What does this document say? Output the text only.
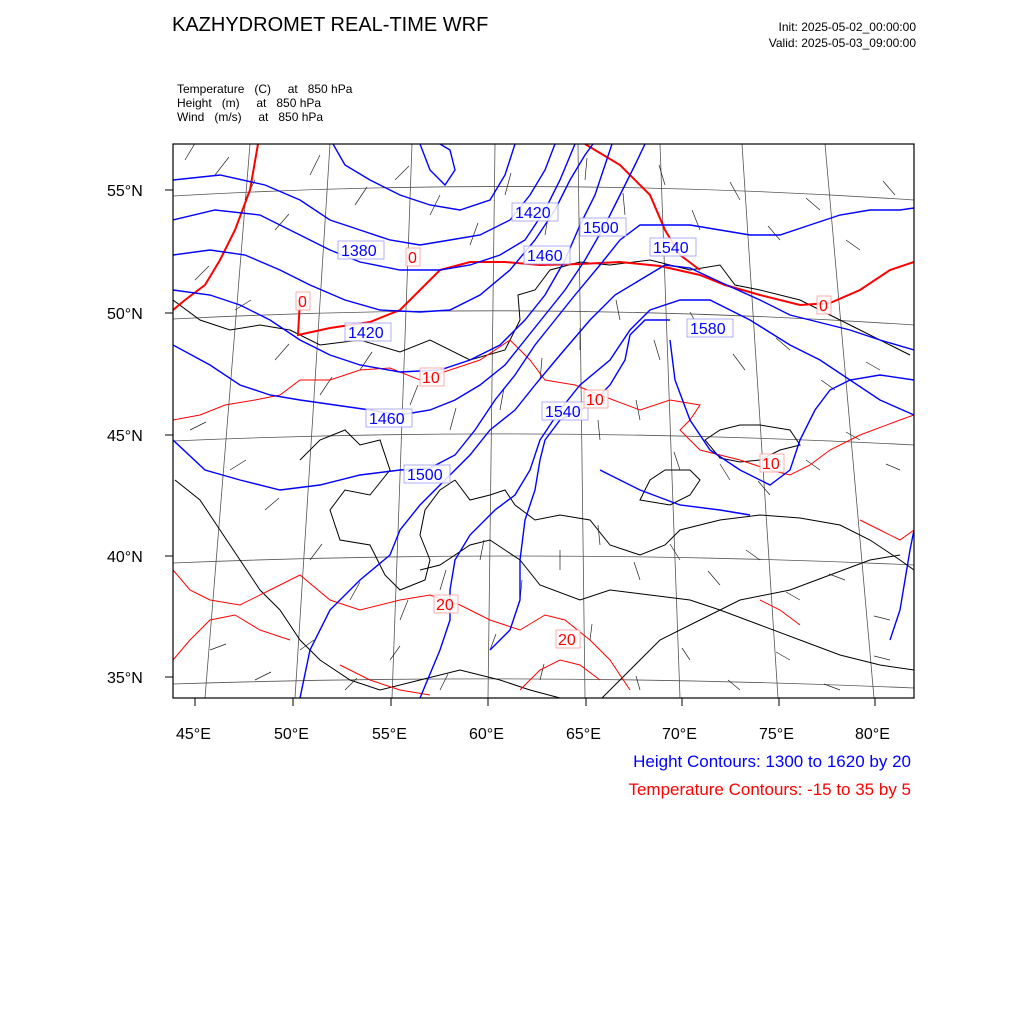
KAZHYDROMET REAL-TIME WRF	Init: 2025-05-02_00:00:00
Valid: 2025-05-03_09:00:00
Temperature   (C)     at   850 hPa
Height   (m)     at   850 hPa
Wind   (m/s)     at   850 hPa
1420
1500
1380	1460	1540
1420	1580
1460	1540
1500
0
0
10
10
0
10
20
20
55°N
50°N
45°N
40°N
35°N
45°E	50°E	55°E	60°E	65°E	70°E	75°E	80°E
Height Contours: 1300 to 1620 by 20
Temperature Contours: -15 to 35 by 5
